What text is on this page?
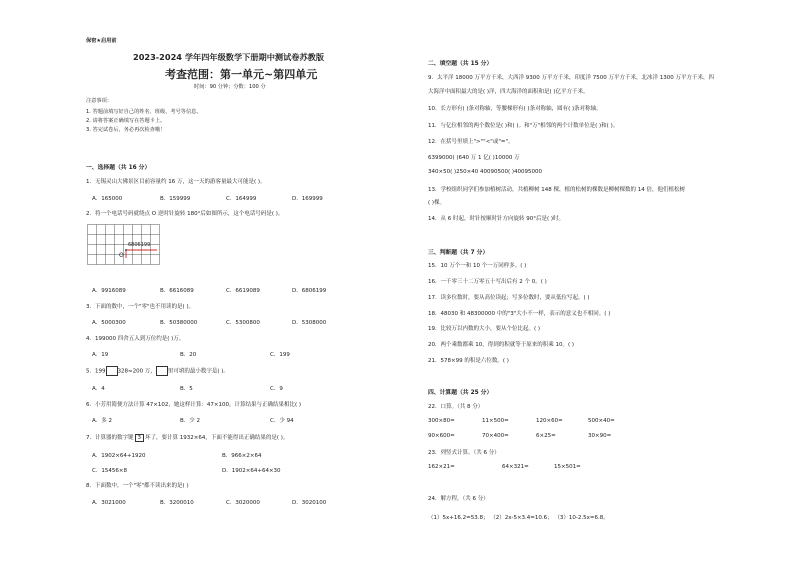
保密★启用前
2023-2024 学年四年级数学下册期中测试卷苏教版
考查范围：第一单元~第四单元
时间：90 分钟；分数：100 分
注意事项：
1. 答题前填写好自己的姓名、班级、考号等信息。
2. 请将答案正确填写在答题卡上。
3. 答完试卷后，务必再次检查哦！
一、选择题（共 16 分）
1．无锡灵山大佛景区目前容量约 16 万，这一天的游客量最大可能是( )。
A．165000	B．159999	C．164999	D．169999
2．将一个电话号码就绕点 O 逆时针旋转 180°后如图所示，这个电话号码是( )。
6806199
O
A．9916089	B．6616089	C．6619089	D．6806199
3．下面的数中，一个"零"也不用读的是( )。
A．5000300	B．50380000	C．5300800	D．5308000
4．199000 四舍五入到万位约是( )万。
A．19	B．20	C．199
5．199 328≈200 万， 里可填的最小数字是( )。
A．4	B．5	C．9
6．小芳用简便方法计算 47×102，她这样计算：47×100，计算结果与正确结果相比( )
A．多 2	B．少 2	C．少 94
7．计算器的数字键 3 坏了，要计算 1932×64，下面不能得出正确结果的是( )。
A．1902×64+1920	B．966×2×64
C．15456×8	D．1902×64+64×30
8．下面数中，一个"零"都不读出来的是( )
A．3021000	B．3200010	C．3020000	D．3020100
二、填空题（共 15 分）
9．太平洋 18000 万平方千米，大西洋 9300 万平方千米，印度洋 7500 万平方千米，北冰洋 1300 万平方千米，四
大海洋中面积最大的是( )洋，四大海洋的面积和是( )亿平方千米。
10．长方形有( )条对称轴，等腰梯形有( )条对称轴，圆有( )条对称轴。
11．与亿位相邻的两个数位是( )和( )。和"万"相邻的两个计数单位是( )和( )。
12．在括号里填上">""<"或"="。
6399000( )640 万 1 亿( )10000 万
340×50( )250×40 40090500( )40095000
13．学校组织同学们参加植树活动，共植柳树 148 棵，植的松树的棵数是柳树棵数的 14 倍，他们植松树
( )棵。
14．从 6 时起，时针按顺时针方向旋转 90°后是( )时。
三、判断题（共 7 分）
15．10 万个一和 10 个一万同样多。( )
16．一千零三十二万零五十写出后有 2 个 0。( )
17．读多位数时，要从高位读起；写多位数时，要从低位写起。( )
18．48030 和 48300000 中的"3"大小不一样，表示的意义也不相同。( )
19．比较万以内数的大小，要从个位比起。( )
20．两个乘数都乘 10，得到的积就等于原来的积乘 10。( )
21．578×99 的积是六位数。( )
四、计算题（共 25 分）
22．口算。（共 8 分）
300×80=	11×500=	120×60=	500×40=
90×600=	70×400=	6×25=	30×90=
23．列竖式计算。（共 6 分）
162×21=	64×321=	15×501=
24．解方程。（共 6 分）
（1）5x+16.2=53.8； （2）2x-5×3.4=10.6； （3）10-2.5x=6.8。
